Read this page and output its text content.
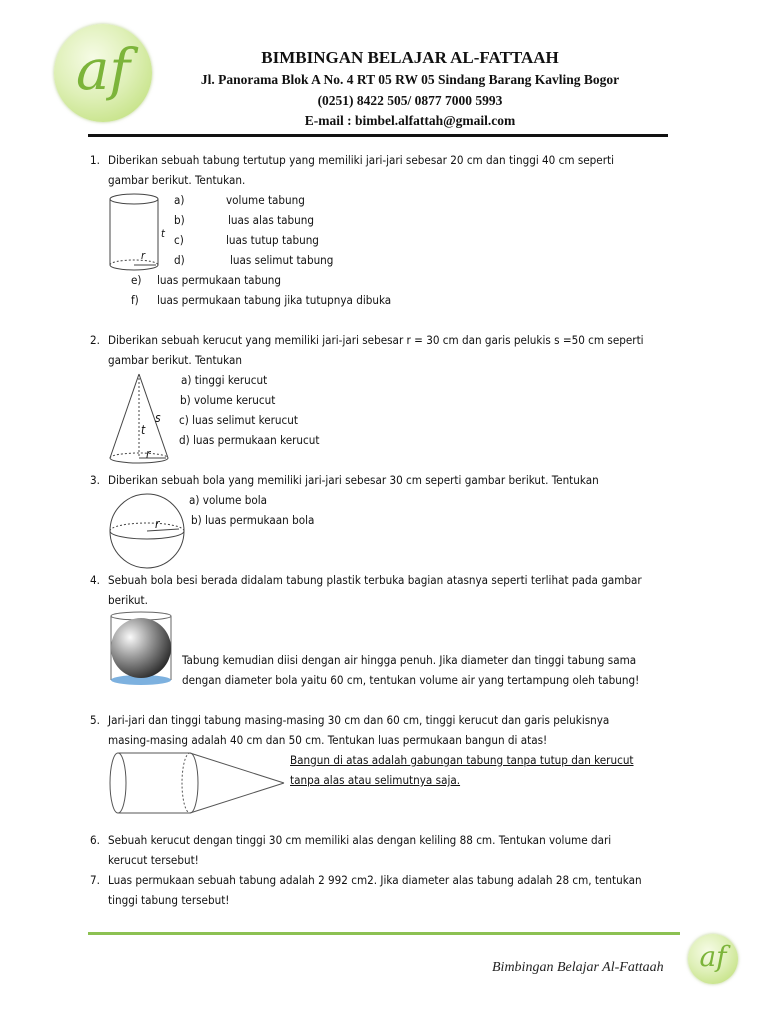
af	BIMBINGAN BELAJAR AL-FATTAAH
Jl. Panorama Blok A No. 4 RT 05 RW 05 Sindang Barang Kavling Bogor
(0251) 8422 505/ 0877 7000 5993
E-mail : bimbel.alfattah@gmail.com
1. Diberikan sebuah tabung tertutup yang memiliki jari-jari sebesar 20 cm dan tinggi 40 cm seperti
gambar berikut. Tentukan.
a)	volume tabung
b)	luas alas tabung
c)	luas tutup tabung
d)	luas selimut tabung
e) luas permukaan tabung
f) luas permukaan tabung jika tutupnya dibuka
t
r
2. Diberikan sebuah kerucut yang memiliki jari-jari sebesar r = 30 cm dan garis pelukis s =50 cm seperti
gambar berikut. Tentukan
a) tinggi kerucut
b) volume kerucut
c) luas selimut kerucut
d) luas permukaan kerucut
s
t
r
3. Diberikan sebuah bola yang memiliki jari-jari sebesar 30 cm seperti gambar berikut. Tentukan
a) volume bola
b) luas permukaan bola
r
4. Sebuah bola besi berada didalam tabung plastik terbuka bagian atasnya seperti terlihat pada gambar
berikut.
Tabung kemudian diisi dengan air hingga penuh. Jika diameter dan tinggi tabung sama
dengan diameter bola yaitu 60 cm, tentukan volume air yang tertampung oleh tabung!
5. Jari-jari dan tinggi tabung masing-masing 30 cm dan 60 cm, tinggi kerucut dan garis pelukisnya
masing-masing adalah 40 cm dan 50 cm. Tentukan luas permukaan bangun di atas!
Bangun di atas adalah gabungan tabung tanpa tutup dan kerucut
tanpa alas atau selimutnya saja.
6. Sebuah kerucut dengan tinggi 30 cm memiliki alas dengan keliling 88 cm. Tentukan volume dari
kerucut tersebut!
7. Luas permukaan sebuah tabung adalah 2 992 cm2. Jika diameter alas tabung adalah 28 cm, tentukan
tinggi tabung tersebut!
Bimbingan Belajar Al-Fattaah	af
